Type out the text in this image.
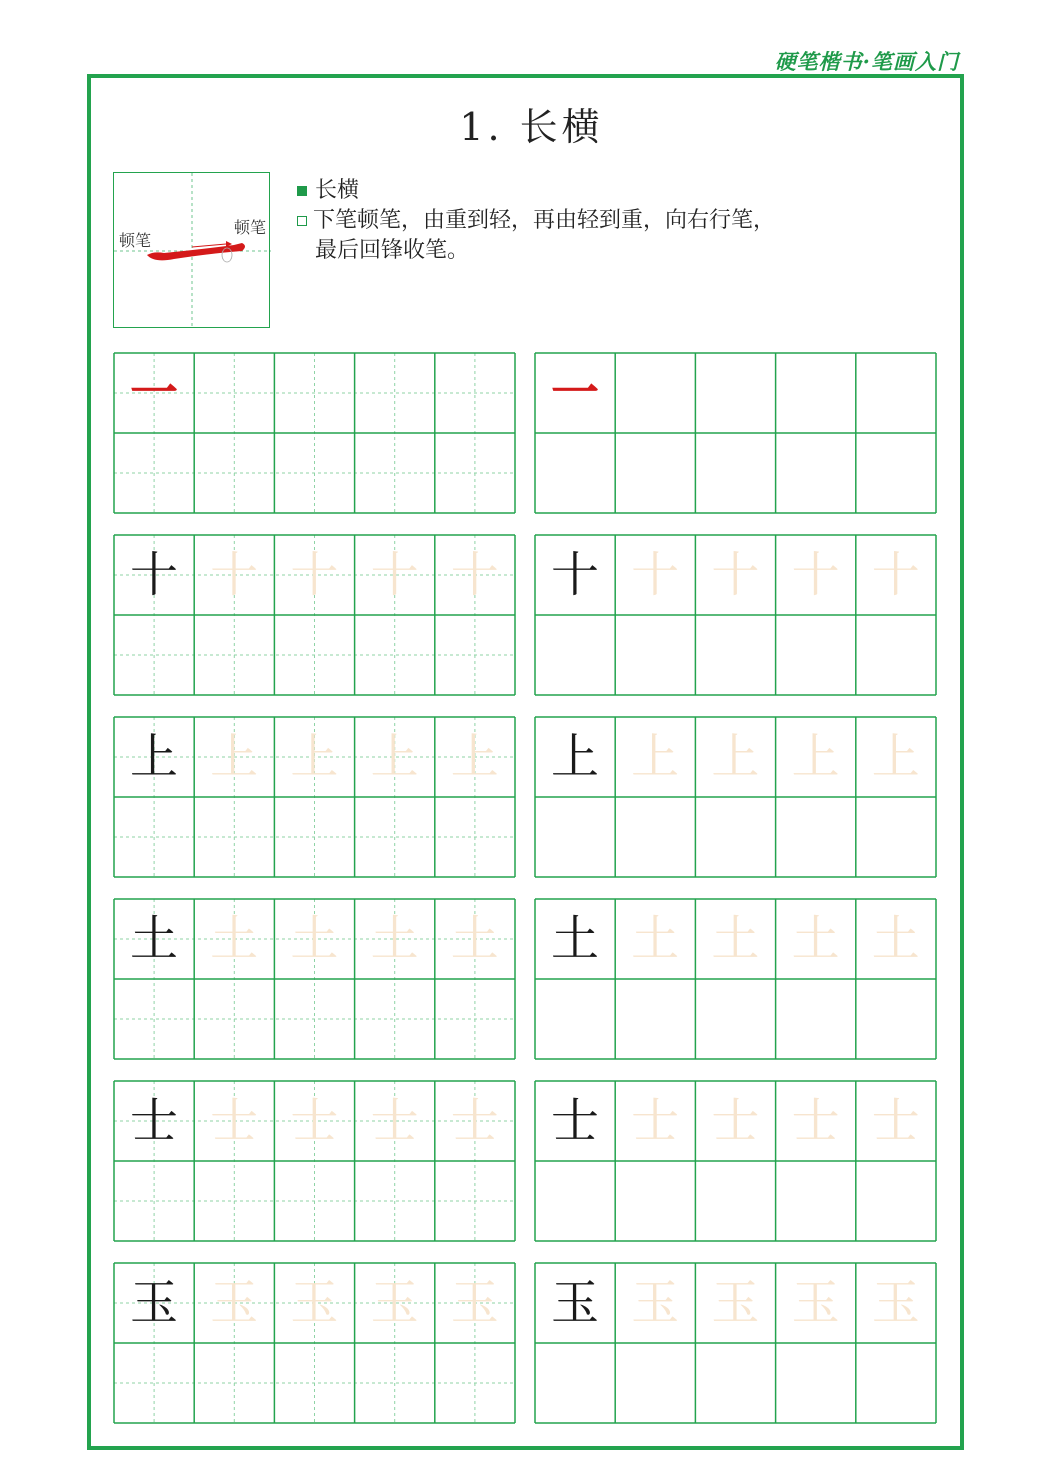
硬笔楷书·笔画入门
1. 长横
顿笔
顿笔
长横
下笔顿笔，由重到轻，再由轻到重，向右行笔，
最后回锋收笔。
一	一
十 十 十 十 十	十 十 十 十 十
上 上 上 上 上	上 上 上 上 上
土 土 土 土 土	土 土 土 土 土
士 士 士 士 士	士 士 士 士 士
玉 玉 玉 玉 玉	玉 玉 玉 玉 玉
